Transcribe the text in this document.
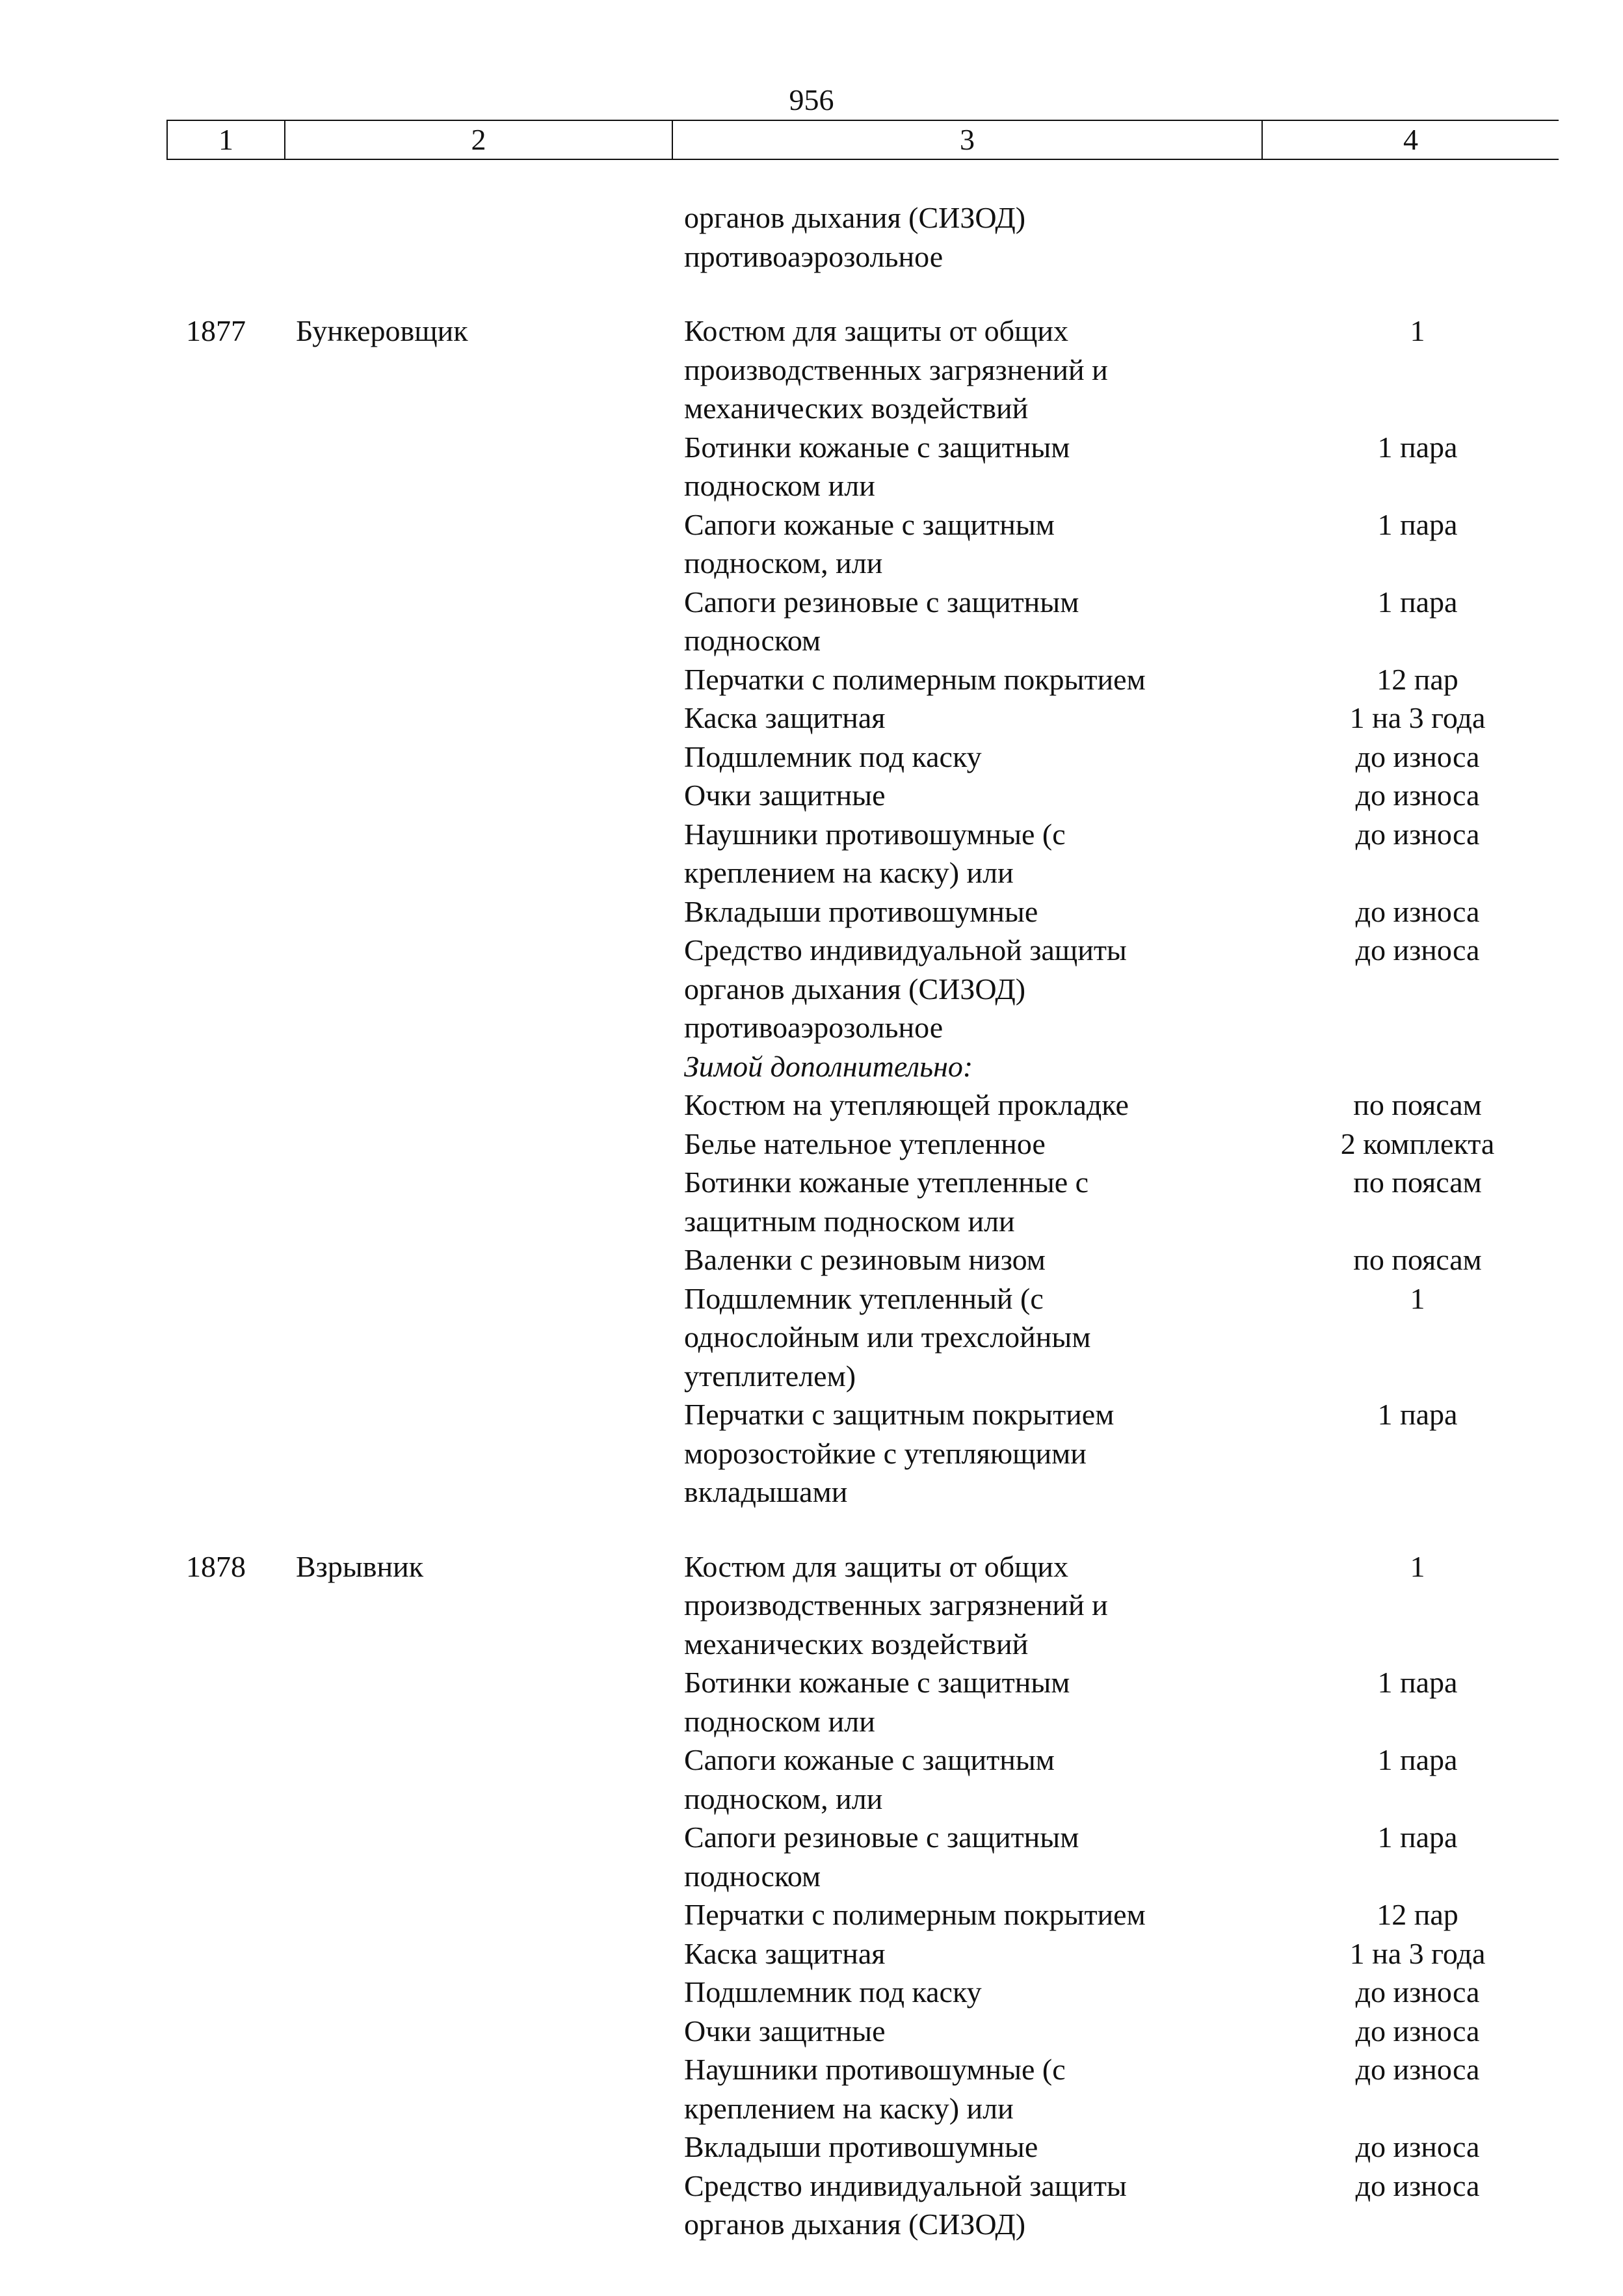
956
1	2	3	4
органов дыхания (СИЗОД)
противоаэрозольное
1877 Бункеровщик	Костюм для защиты от общих	1
производственных загрязнений и
механических воздействий
Ботинки кожаные с защитным	1 пара
подноском или
Сапоги кожаные с защитным	1 пара
подноском, или
Сапоги резиновые с защитным	1 пара
подноском
Перчатки с полимерным покрытием	12 пар
Каска защитная	1 на 3 года
Подшлемник под каску	до износа
Очки защитные	до износа
Наушники противошумные (с	до износа
креплением на каску) или
Вкладыши противошумные	до износа
Средство индивидуальной защиты	до износа
органов дыхания (СИЗОД)
противоаэрозольное
Зимой дополнительно:
Костюм на утепляющей прокладке	по поясам
Белье нательное утепленное	2 комплекта
Ботинки кожаные утепленные с	по поясам
защитным подноском или
Валенки с резиновым низом	по поясам
Подшлемник утепленный (с	1
однослойным или трехслойным
утеплителем)
Перчатки с защитным покрытием	1 пара
морозостойкие с утепляющими
вкладышами
1878 Взрывник	Костюм для защиты от общих	1
производственных загрязнений и
механических воздействий
Ботинки кожаные с защитным	1 пара
подноском или
Сапоги кожаные с защитным	1 пара
подноском, или
Сапоги резиновые с защитным	1 пара
подноском
Перчатки с полимерным покрытием	12 пар
Каска защитная	1 на 3 года
Подшлемник под каску	до износа
Очки защитные	до износа
Наушники противошумные (с	до износа
креплением на каску) или
Вкладыши противошумные	до износа
Средство индивидуальной защиты	до износа
органов дыхания (СИЗОД)
